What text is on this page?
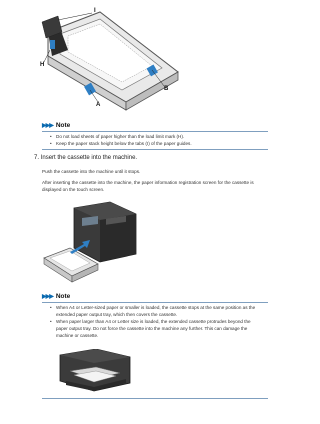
I
H
A
B
▶▶▶ Note
• Do not load sheets of paper higher than the load limit mark (H).
• Keep the paper stack height below the tabs (I) of the paper guides.
7. Insert the cassette into the machine.

Push the cassette into the machine until it stops.

After inserting the cassette into the machine, the paper information registration screen for the cassette is
displayed on the touch screen.

▶▶▶ Note
• When A4 or Letter-sized paper or smaller is loaded, the cassette stops at the same position as the
extended paper output tray, which then covers the cassette.
• When paper larger than A4 or Letter size is loaded, the extended cassette protrudes beyond the
paper output tray. Do not force the cassette into the machine any further. This can damage the
machine or cassette.
